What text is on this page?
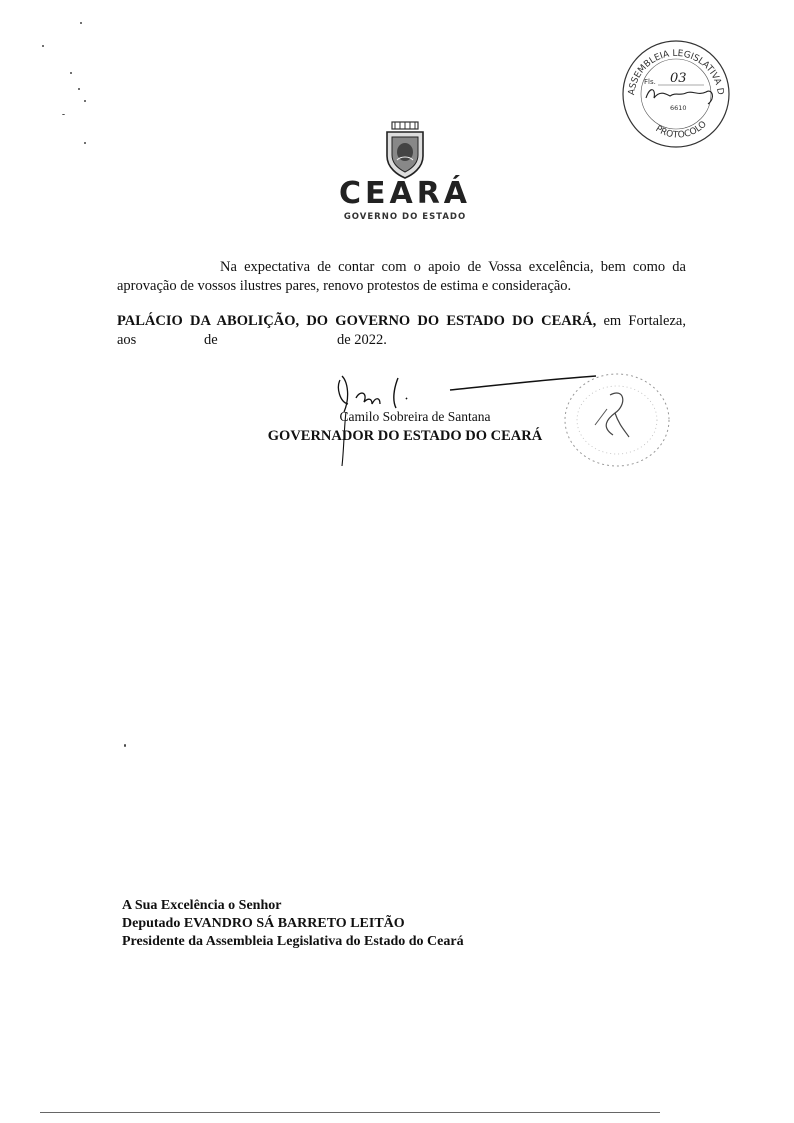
ASSEMBLEIA LEGISLATIVA D
PROTOCOLO
Fls. 03
6610
CEARÁ
GOVERNO DO ESTADO
Na expectativa de contar com o apoio de Vossa excelência, bem como da
aprovação de vossos ilustres pares, renovo protestos de estima e consideração.
PALÁCIO DA ABOLIÇÃO, DO GOVERNO DO ESTADO DO CEARÁ, em Fortaleza,
aos	de	de 2022.
Camilo Sobreira de Santana
GOVERNADOR DO ESTADO DO CEARÁ
A Sua Excelência o Senhor
Deputado EVANDRO SÁ BARRETO LEITÃO
Presidente da Assembleia Legislativa do Estado do Ceará
